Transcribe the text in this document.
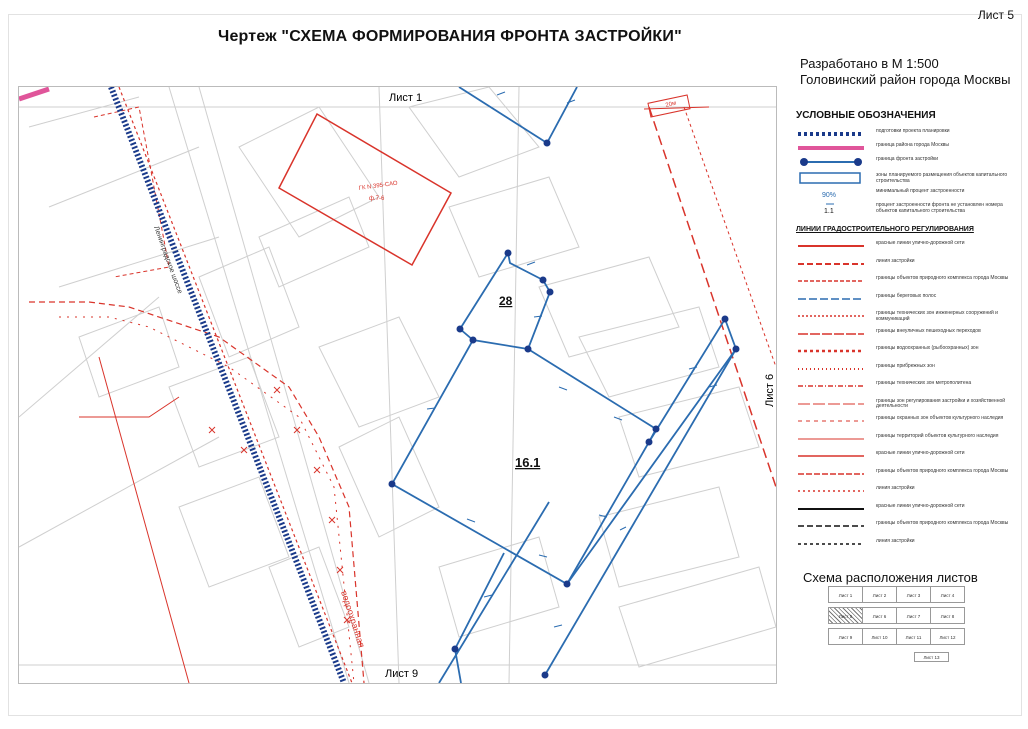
Лист 5
Чертеж "СХЕМА ФОРМИРОВАНИЯ ФРОНТА ЗАСТРОЙКИ"
Разработано в М 1:500
Головинский район города Москвы
ГК N 395-САО
ф.7-6
Ленинградское шоссе
водоохранная
20м
28
16.1
Лист 1
Лист 6
Лист 9
УСЛОВНЫЕ ОБОЗНАЧЕНИЯ
подготовки проекта планировки
граница района города Москвы
граница фронта застройки
зоны планируемого размещения объектов капитального строительства
90%
минимальный процент застроенности
1.1
процент застроенности фронта не установлен номера объектов капитального строительства
ЛИНИИ ГРАДОСТРОИТЕЛЬНОГО РЕГУЛИРОВАНИЯ
красные линии улично-дорожной сети
линия застройки
границы объектов природного комплекса города Москвы
границы береговых полос
границы технических зон инженерных сооружений и коммуникаций
границы внеуличных пешеходных переходов
границы водоохранных (рыбоохранных) зон
границы прибрежных зон
границы технических зон метрополитена
границы зон регулирования застройки и хозяйственной деятельности
границы охранных зон объектов культурного наследия
границы территорий объектов культурного наследия
красные линии улично-дорожной сети
границы объектов природного комплекса города Москвы
линия застройки
красные линии улично-дорожной сети
границы объектов природного комплекса города Москвы
линия застройки
Схема расположения листов
Лист 1	Лист 2	Лист 3	Лист 4
Лист 5	Лист 6	Лист 7	Лист 8
Лист 9	Лист 10	Лист 11	Лист 12
Лист 13
